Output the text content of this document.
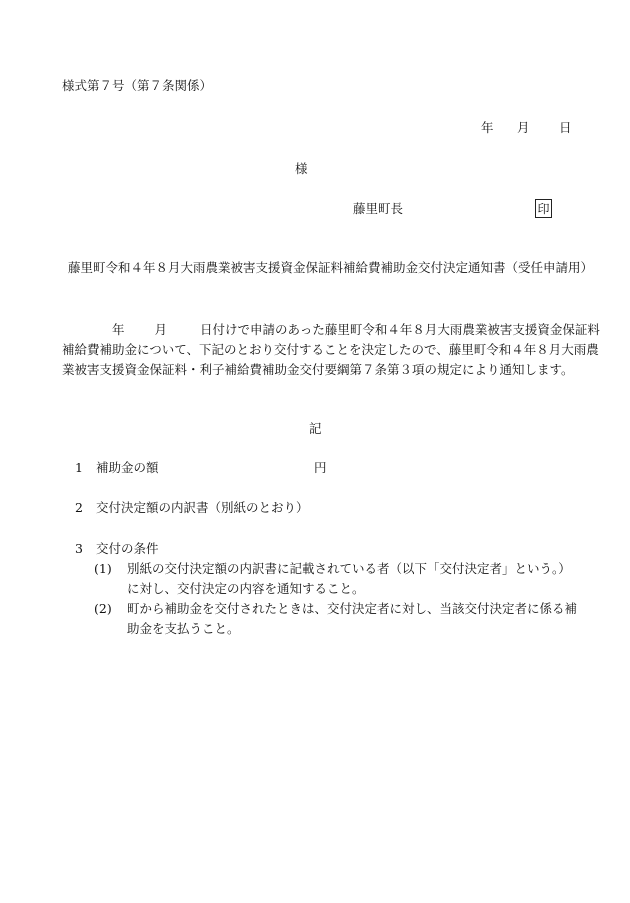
様式第７号（第７条関係）
年 月 日
様
藤里町長	印
藤里町令和４年８月大雨農業被害支援資金保証料補給費補助金交付決定通知書（受任申請用）
年 月	日付けで申請のあった藤里町令和４年８月大雨農業被害支援資金保証料
補給費補助金について、下記のとおり交付することを決定したので、藤里町令和４年８月大雨農
業被害支援資金保証料・利子補給費補助金交付要綱第７条第３項の規定により通知します。
記
1 補助金の額	円
2 交付決定額の内訳書（別紙のとおり）
3 交付の条件
(1) 別紙の交付決定額の内訳書に記載されている者（以下「交付決定者」という。）
に対し、交付決定の内容を通知すること。
(2) 町から補助金を交付されたときは、交付決定者に対し、当該交付決定者に係る補
助金を支払うこと。
